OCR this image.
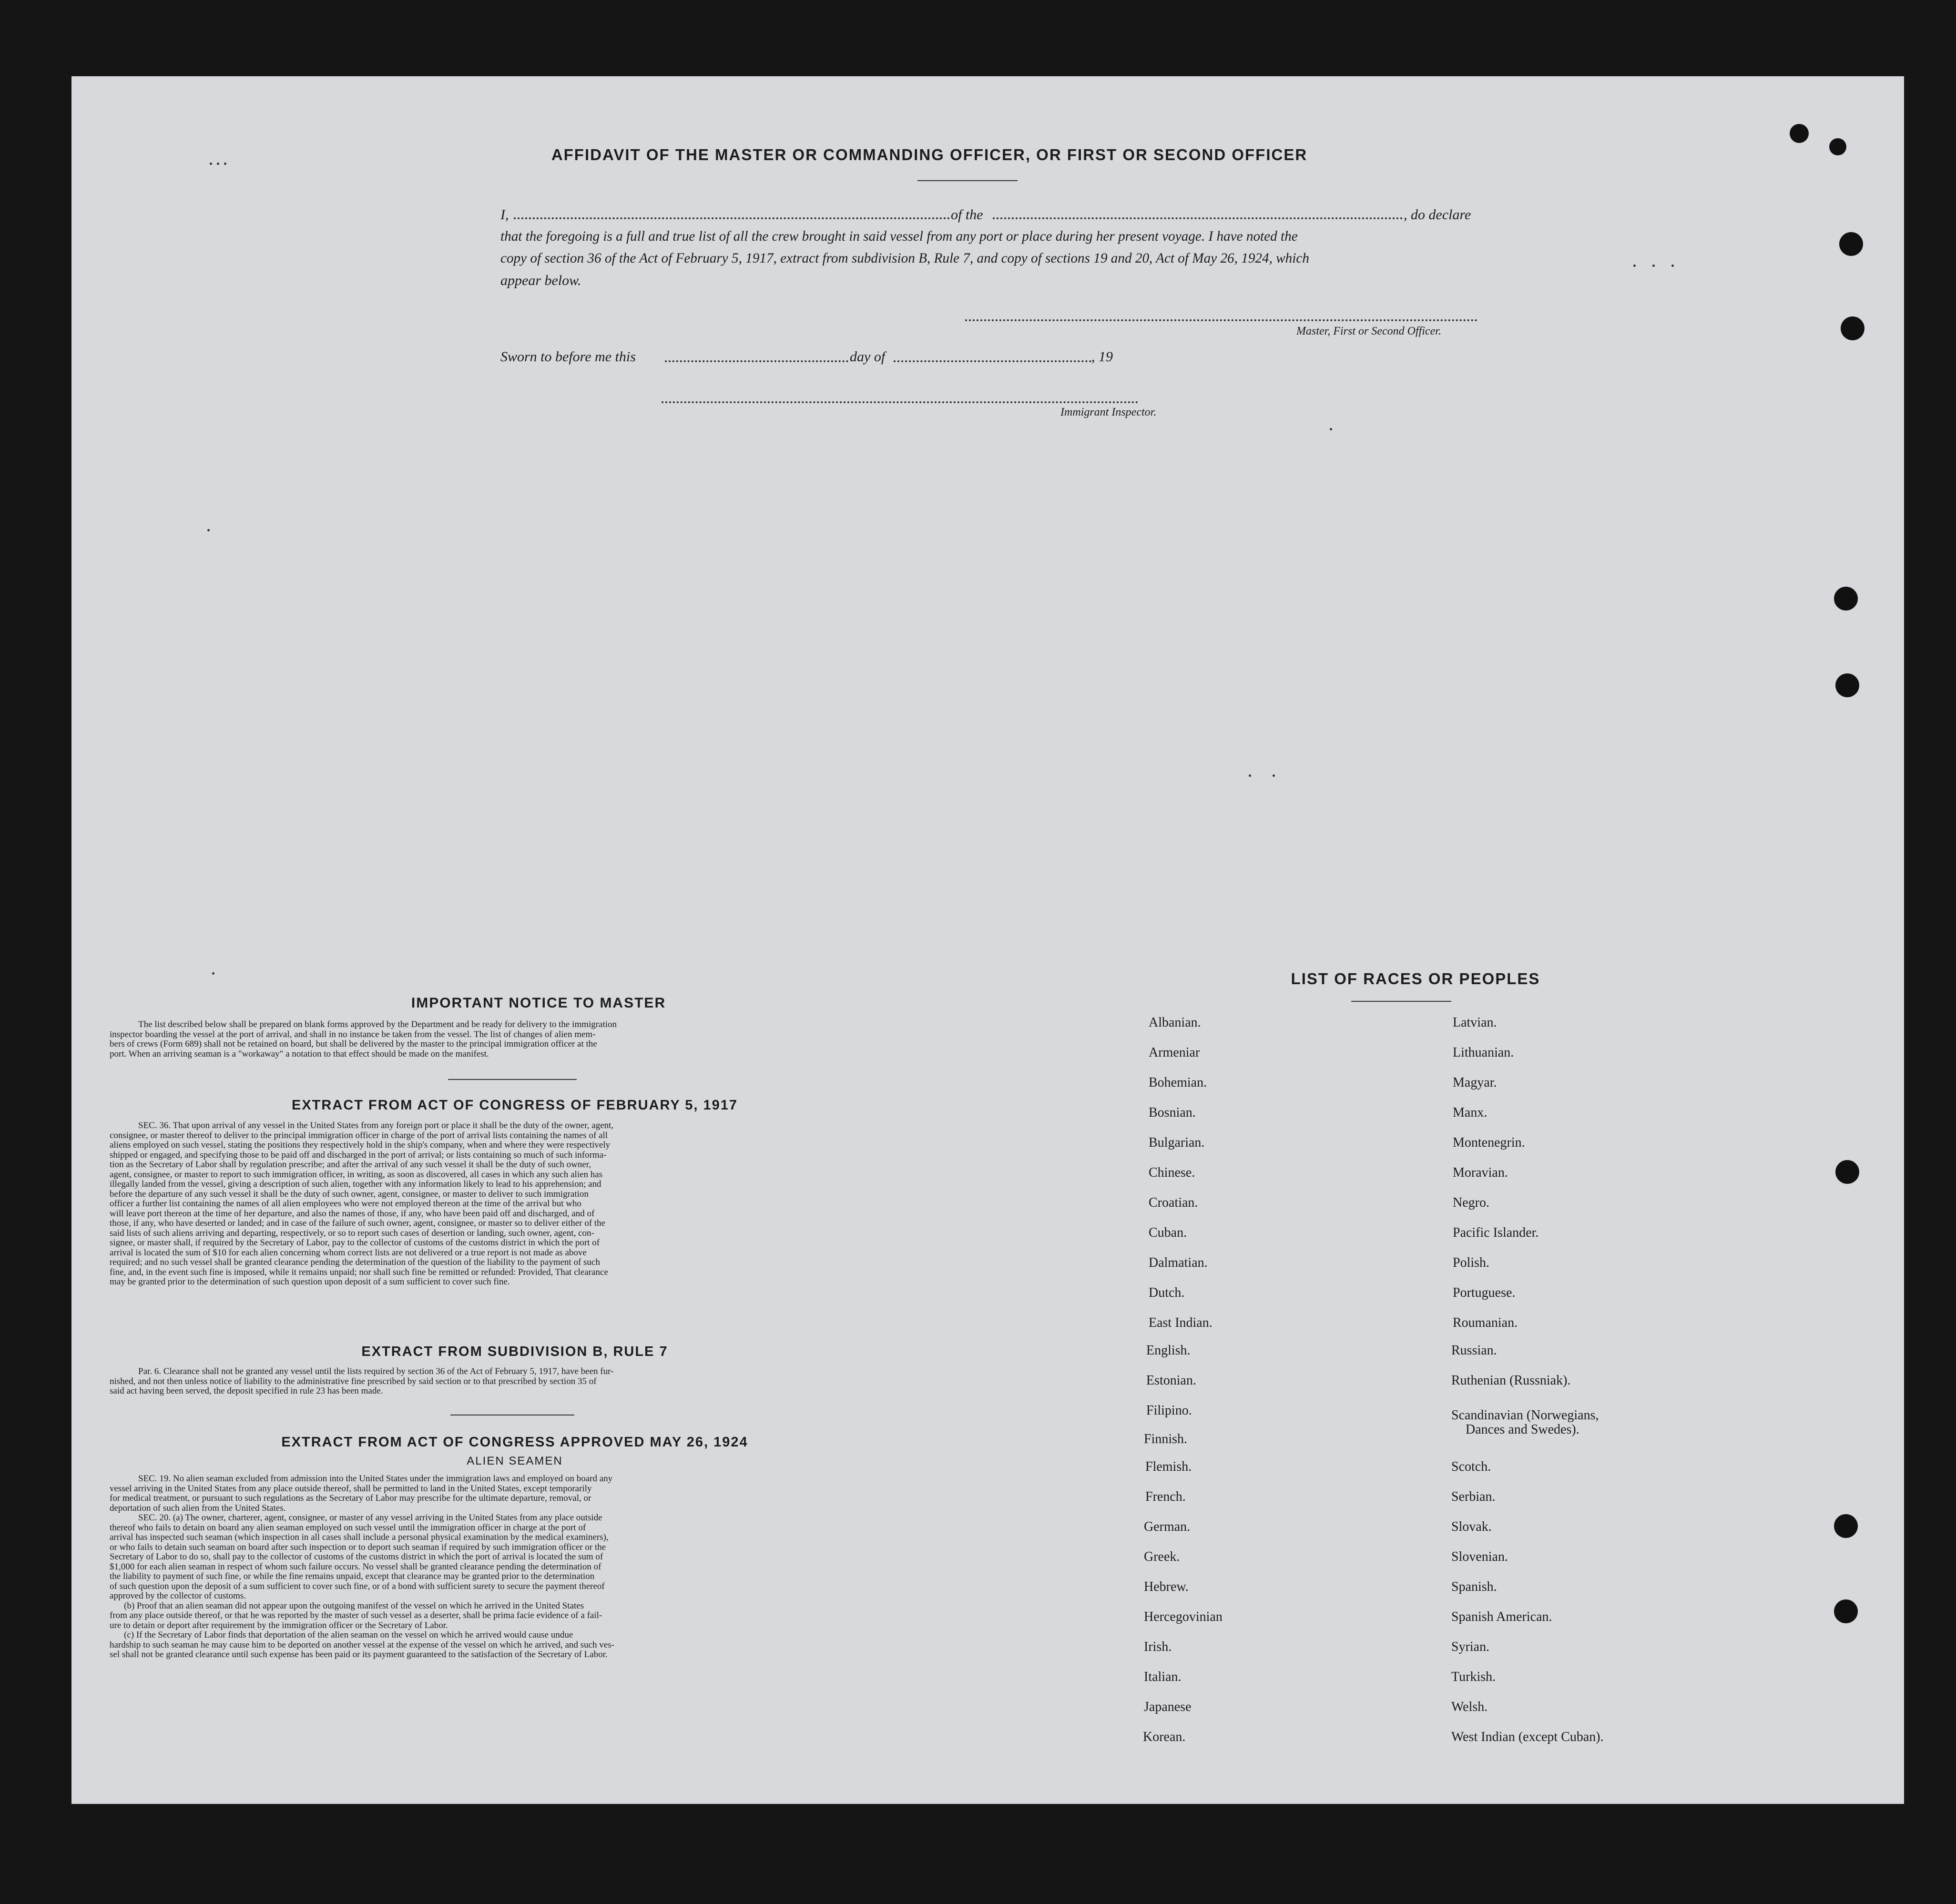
AFFIDAVIT OF THE MASTER OR COMMANDING OFFICER, OR FIRST OR SECOND OFFICER
I,	of the	, do declare
that the foregoing is a full and true list of all the crew brought in said vessel from any port or place during her present voyage. I have noted the
copy of section 36 of the Act of February 5, 1917, extract from subdivision B, Rule 7, and copy of sections 19 and 20, Act of May 26, 1924, which
appear below.
Master, First or Second Officer.
Sworn to before me this	day of	, 19
Immigrant Inspector.
IMPORTANT NOTICE TO MASTER
The list described below shall be prepared on blank forms approved by the Department and be ready for delivery to the immigration
inspector boarding the vessel at the port of arrival, and shall in no instance be taken from the vessel. The list of changes of alien mem-
bers of crews (Form 689) shall not be retained on board, but shall be delivered by the master to the principal immigration officer at the
port. When an arriving seaman is a "workaway" a notation to that effect should be made on the manifest.
EXTRACT FROM ACT OF CONGRESS OF FEBRUARY 5, 1917
SEC. 36. That upon arrival of any vessel in the United States from any foreign port or place it shall be the duty of the owner, agent,
consignee, or master thereof to deliver to the principal immigration officer in charge of the port of arrival lists containing the names of all
aliens employed on such vessel, stating the positions they respectively hold in the ship's company, when and where they were respectively
shipped or engaged, and specifying those to be paid off and discharged in the port of arrival; or lists containing so much of such informa-
tion as the Secretary of Labor shall by regulation prescribe; and after the arrival of any such vessel it shall be the duty of such owner,
agent, consignee, or master to report to such immigration officer, in writing, as soon as discovered, all cases in which any such alien has
illegally landed from the vessel, giving a description of such alien, together with any information likely to lead to his apprehension; and
before the departure of any such vessel it shall be the duty of such owner, agent, consignee, or master to deliver to such immigration
officer a further list containing the names of all alien employees who were not employed thereon at the time of the arrival but who
will leave port thereon at the time of her departure, and also the names of those, if any, who have been paid off and discharged, and of
those, if any, who have deserted or landed; and in case of the failure of such owner, agent, consignee, or master so to deliver either of the
said lists of such aliens arriving and departing, respectively, or so to report such cases of desertion or landing, such owner, agent, con-
signee, or master shall, if required by the Secretary of Labor, pay to the collector of customs of the customs district in which the port of
arrival is located the sum of $10 for each alien concerning whom correct lists are not delivered or a true report is not made as above
required; and no such vessel shall be granted clearance pending the determination of the question of the liability to the payment of such
fine, and, in the event such fine is imposed, while it remains unpaid; nor shall such fine be remitted or refunded: Provided, That clearance
may be granted prior to the determination of such question upon deposit of a sum sufficient to cover such fine.
EXTRACT FROM SUBDIVISION B, RULE 7
Par. 6. Clearance shall not be granted any vessel until the lists required by section 36 of the Act of February 5, 1917, have been fur-
nished, and not then unless notice of liability to the administrative fine prescribed by said section or to that prescribed by section 35 of
said act having been served, the deposit specified in rule 23 has been made.
EXTRACT FROM ACT OF CONGRESS APPROVED MAY 26, 1924
ALIEN SEAMEN
SEC. 19. No alien seaman excluded from admission into the United States under the immigration laws and employed on board any
vessel arriving in the United States from any place outside thereof, shall be permitted to land in the United States, except temporarily
for medical treatment, or pursuant to such regulations as the Secretary of Labor may prescribe for the ultimate departure, removal, or
deportation of such alien from the United States.
SEC. 20. (a) The owner, charterer, agent, consignee, or master of any vessel arriving in the United States from any place outside
thereof who fails to detain on board any alien seaman employed on such vessel until the immigration officer in charge at the port of
arrival has inspected such seaman (which inspection in all cases shall include a personal physical examination by the medical examiners),
or who fails to detain such seaman on board after such inspection or to deport such seaman if required by such immigration officer or the
Secretary of Labor to do so, shall pay to the collector of customs of the customs district in which the port of arrival is located the sum of
$1,000 for each alien seaman in respect of whom such failure occurs. No vessel shall be granted clearance pending the determination of
the liability to payment of such fine, or while the fine remains unpaid, except that clearance may be granted prior to the determination
of such question upon the deposit of a sum sufficient to cover such fine, or of a bond with sufficient surety to secure the payment thereof
approved by the collector of customs.
(b) Proof that an alien seaman did not appear upon the outgoing manifest of the vessel on which he arrived in the United States
from any place outside thereof, or that he was reported by the master of such vessel as a deserter, shall be prima facie evidence of a fail-
ure to detain or deport after requirement by the immigration officer or the Secretary of Labor.
(c) If the Secretary of Labor finds that deportation of the alien seaman on the vessel on which he arrived would cause undue
hardship to such seaman he may cause him to be deported on another vessel at the expense of the vessel on which he arrived, and such ves-
sel shall not be granted clearance until such expense has been paid or its payment guaranteed to the satisfaction of the Secretary of Labor.
LIST OF RACES OR PEOPLES
Albanian.
Armeniar
Bohemian.
Bosnian.
Bulgarian.
Chinese.
Croatian.
Cuban.
Dalmatian.
Dutch.
East Indian.
English.
Estonian.
Filipino.
Finnish.
Flemish.
French.
German.
Greek.
Hebrew.
Hercegovinian
Irish.
Italian.
Japanese
Korean.
Latvian.
Lithuanian.
Magyar.
Manx.
Montenegrin.
Moravian.
Negro.
Pacific Islander.
Polish.
Portuguese.
Roumanian.
Russian.
Ruthenian (Russniak).
Scandinavian (Norwegians,
Dances and Swedes).
Scotch.
Serbian.
Slovak.
Slovenian.
Spanish.
Spanish American.
Syrian.
Turkish.
Welsh.
West Indian (except Cuban).
